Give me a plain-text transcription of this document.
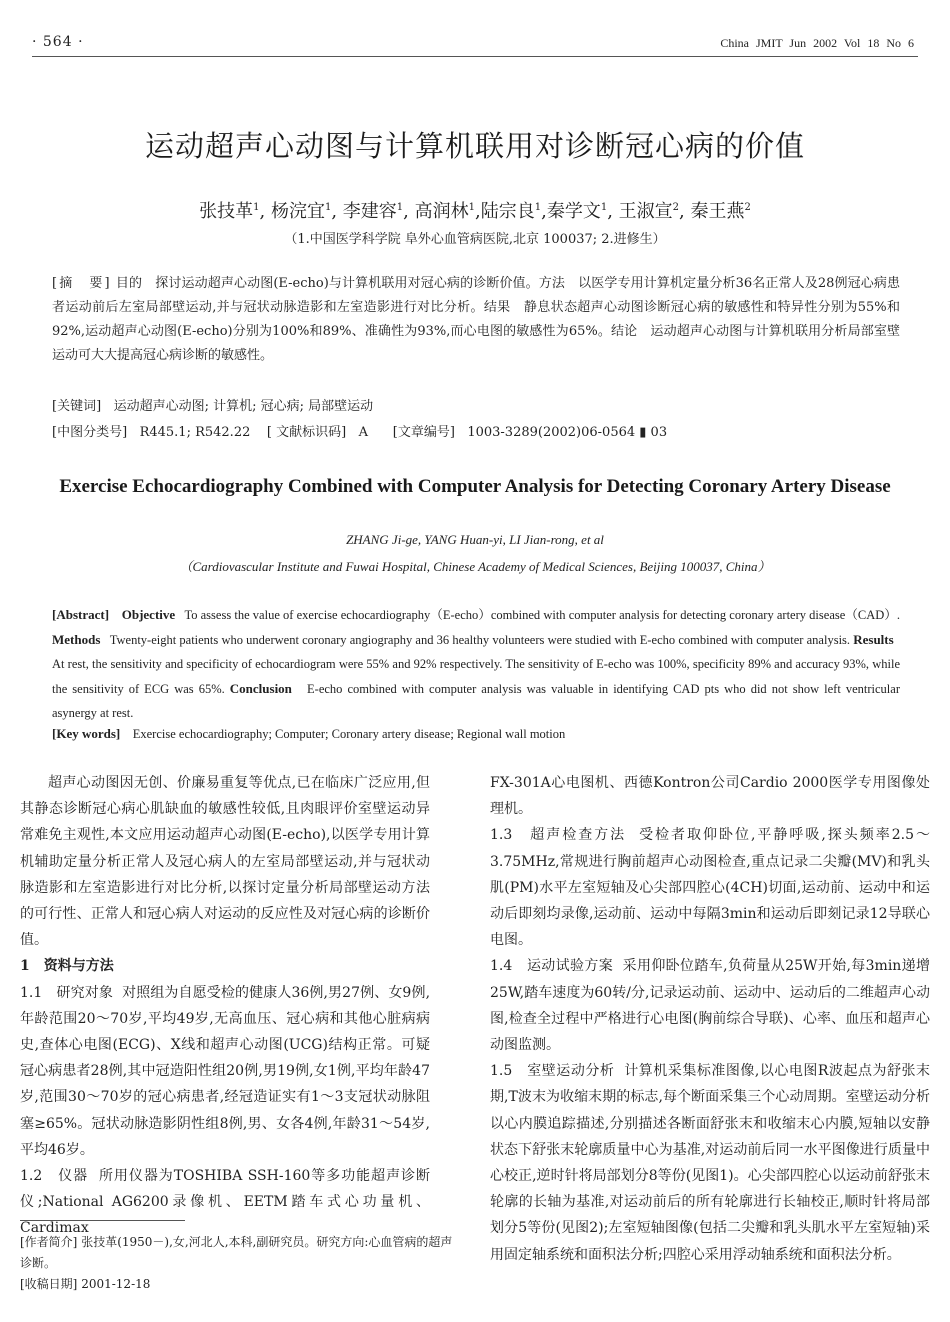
· 564 ·	China JMIT Jun 2002 Vol 18 No 6
运动超声心动图与计算机联用对诊断冠心病的价值
张技革$^1$, 杨浣宜$^1$, 李建容$^1$, 高润林$^1$,陆宗良$^1$,秦学文$^1$, 王淑宣$^2$, 秦王燕$^2$
（1.中国医学科学院 阜外心血管病医院,北京 100037; 2.进修生）
[摘　要] 目的　探讨运动超声心动图(E-echo)与计算机联用对冠心病的诊断价值。方法　以医学专用计算机定量分析36名正常人及28例冠心病患者运动前后左室局部壁运动,并与冠状动脉造影和左室造影进行对比分析。结果　静息状态超声心动图诊断冠心病的敏感性和特异性分别为55%和92%,运动超声心动图(E-echo)分别为100%和89%、准确性为93%,而心电图的敏感性为65%。结论　运动超声心动图与计算机联用分析局部室壁运动可大大提高冠心病诊断的敏感性。
[关键词] 运动超声心动图; 计算机; 冠心病; 局部壁运动
[中图分类号] R445.1; R542.22 [ 文献标识码] A [文章编号] 1003-3289(2002)06-0564 ▮ 03
Exercise Echocardiography Combined with Computer Analysis for Detecting Coronary Artery Disease
ZHANG Ji-ge, YANG Huan-yi, LI Jian-rong, et al
（Cardiovascular Institute and Fuwai Hospital, Chinese Academy of Medical Sciences, Beijing 100037, China）
[Abstract] Objective To assess the value of exercise echocardiography（E-echo）combined with computer analysis for detecting coronary artery disease（CAD）. Methods Twenty-eight patients who underwent coronary angiography and 36 healthy volunteers were studied with E-echo combined with computer analysis. Results   At rest, the sensitivity and specificity of echocardiogram were 55% and 92% respectively. The sensitivity of E-echo was 100%, specificity 89% and accuracy 93%, while the sensitivity of ECG was 65%. Conclusion E-echo combined with computer analysis was valuable in identifying CAD pts who did not show left ventricular asynergy at rest.
[Key words] Exercise echocardiography; Computer; Coronary artery disease; Regional wall motion

超声心动图因无创、价廉易重复等优点,已在临床广泛应用,但其静态诊断冠心病心肌缺血的敏感性较低,且肉眼评价室壁运动异常难免主观性,本文应用运动超声心动图(E-echo),以医学专用计算机辅助定量分析正常人及冠心病人的左室局部壁运动,并与冠状动脉造影和左室造影进行对比分析,以探讨定量分析局部壁运动方法的可行性、正常人和冠心病人对运动的反应性及对冠心病的诊断价值。

1　资料与方法

1.1　研究对象 对照组为自愿受检的健康人36例,男27例、女9例,年龄范围20～70岁,平均49岁,无高血压、冠心病和其他心脏病病史,查体心电图(ECG)、X线和超声心动图(UCG)结构正常。可疑冠心病患者28例,其中冠造阳性组20例,男19例,女1例,平均年龄47岁,范围30～70岁的冠心病患者,经冠造证实有1～3支冠状动脉阻塞≥65%。冠状动脉造影阴性组8例,男、女各4例,年龄31～54岁,平均46岁。

1.2　仪器 所用仪器为TOSHIBA SSH-160等多功能超声诊断仪;National AG6200录像机、EETM踏车式心功量机、Cardimax

FX-301A心电图机、西德Kontron公司Cardio 2000医学专用图像处理机。

1.3　超声检查方法 受检者取仰卧位,平静呼吸,探头频率2.5～3.75MHz,常规进行胸前超声心动图检查,重点记录二尖瓣(MV)和乳头肌(PM)水平左室短轴及心尖部四腔心(4CH)切面,运动前、运动中和运动后即刻均录像,运动前、运动中每隔3min和运动后即刻记录12导联心电图。

1.4　运动试验方案 采用仰卧位踏车,负荷量从25W开始,每3min递增25W,踏车速度为60转/分,记录运动前、运动中、运动后的二维超声心动图,检查全过程中严格进行心电图(胸前综合导联)、心率、血压和超声心动图监测。

1.5　室壁运动分析 计算机采集标准图像,以心电图R波起点为舒张末期,T波末为收缩末期的标志,每个断面采集三个心动周期。室壁运动分析以心内膜追踪描述,分别描述各断面舒张末和收缩末心内膜,短轴以安静状态下舒张末轮廓质量中心为基准,对运动前后同一水平图像进行质量中心校正,逆时针将局部划分8等份(见图1)。心尖部四腔心以运动前舒张末轮廓的长轴为基准,对运动前后的所有轮廓进行长轴校正,顺时针将局部划分5等份(见图2);左室短轴图像(包括二尖瓣和乳头肌水平左室短轴)采用固定轴系统和面积法分析;四腔心采用浮动轴系统和面积法分析。

[作者简介] 张技革(1950－),女,河北人,本科,副研究员。研究方向:心血管病的超声诊断。
[收稿日期] 2001-12-18
